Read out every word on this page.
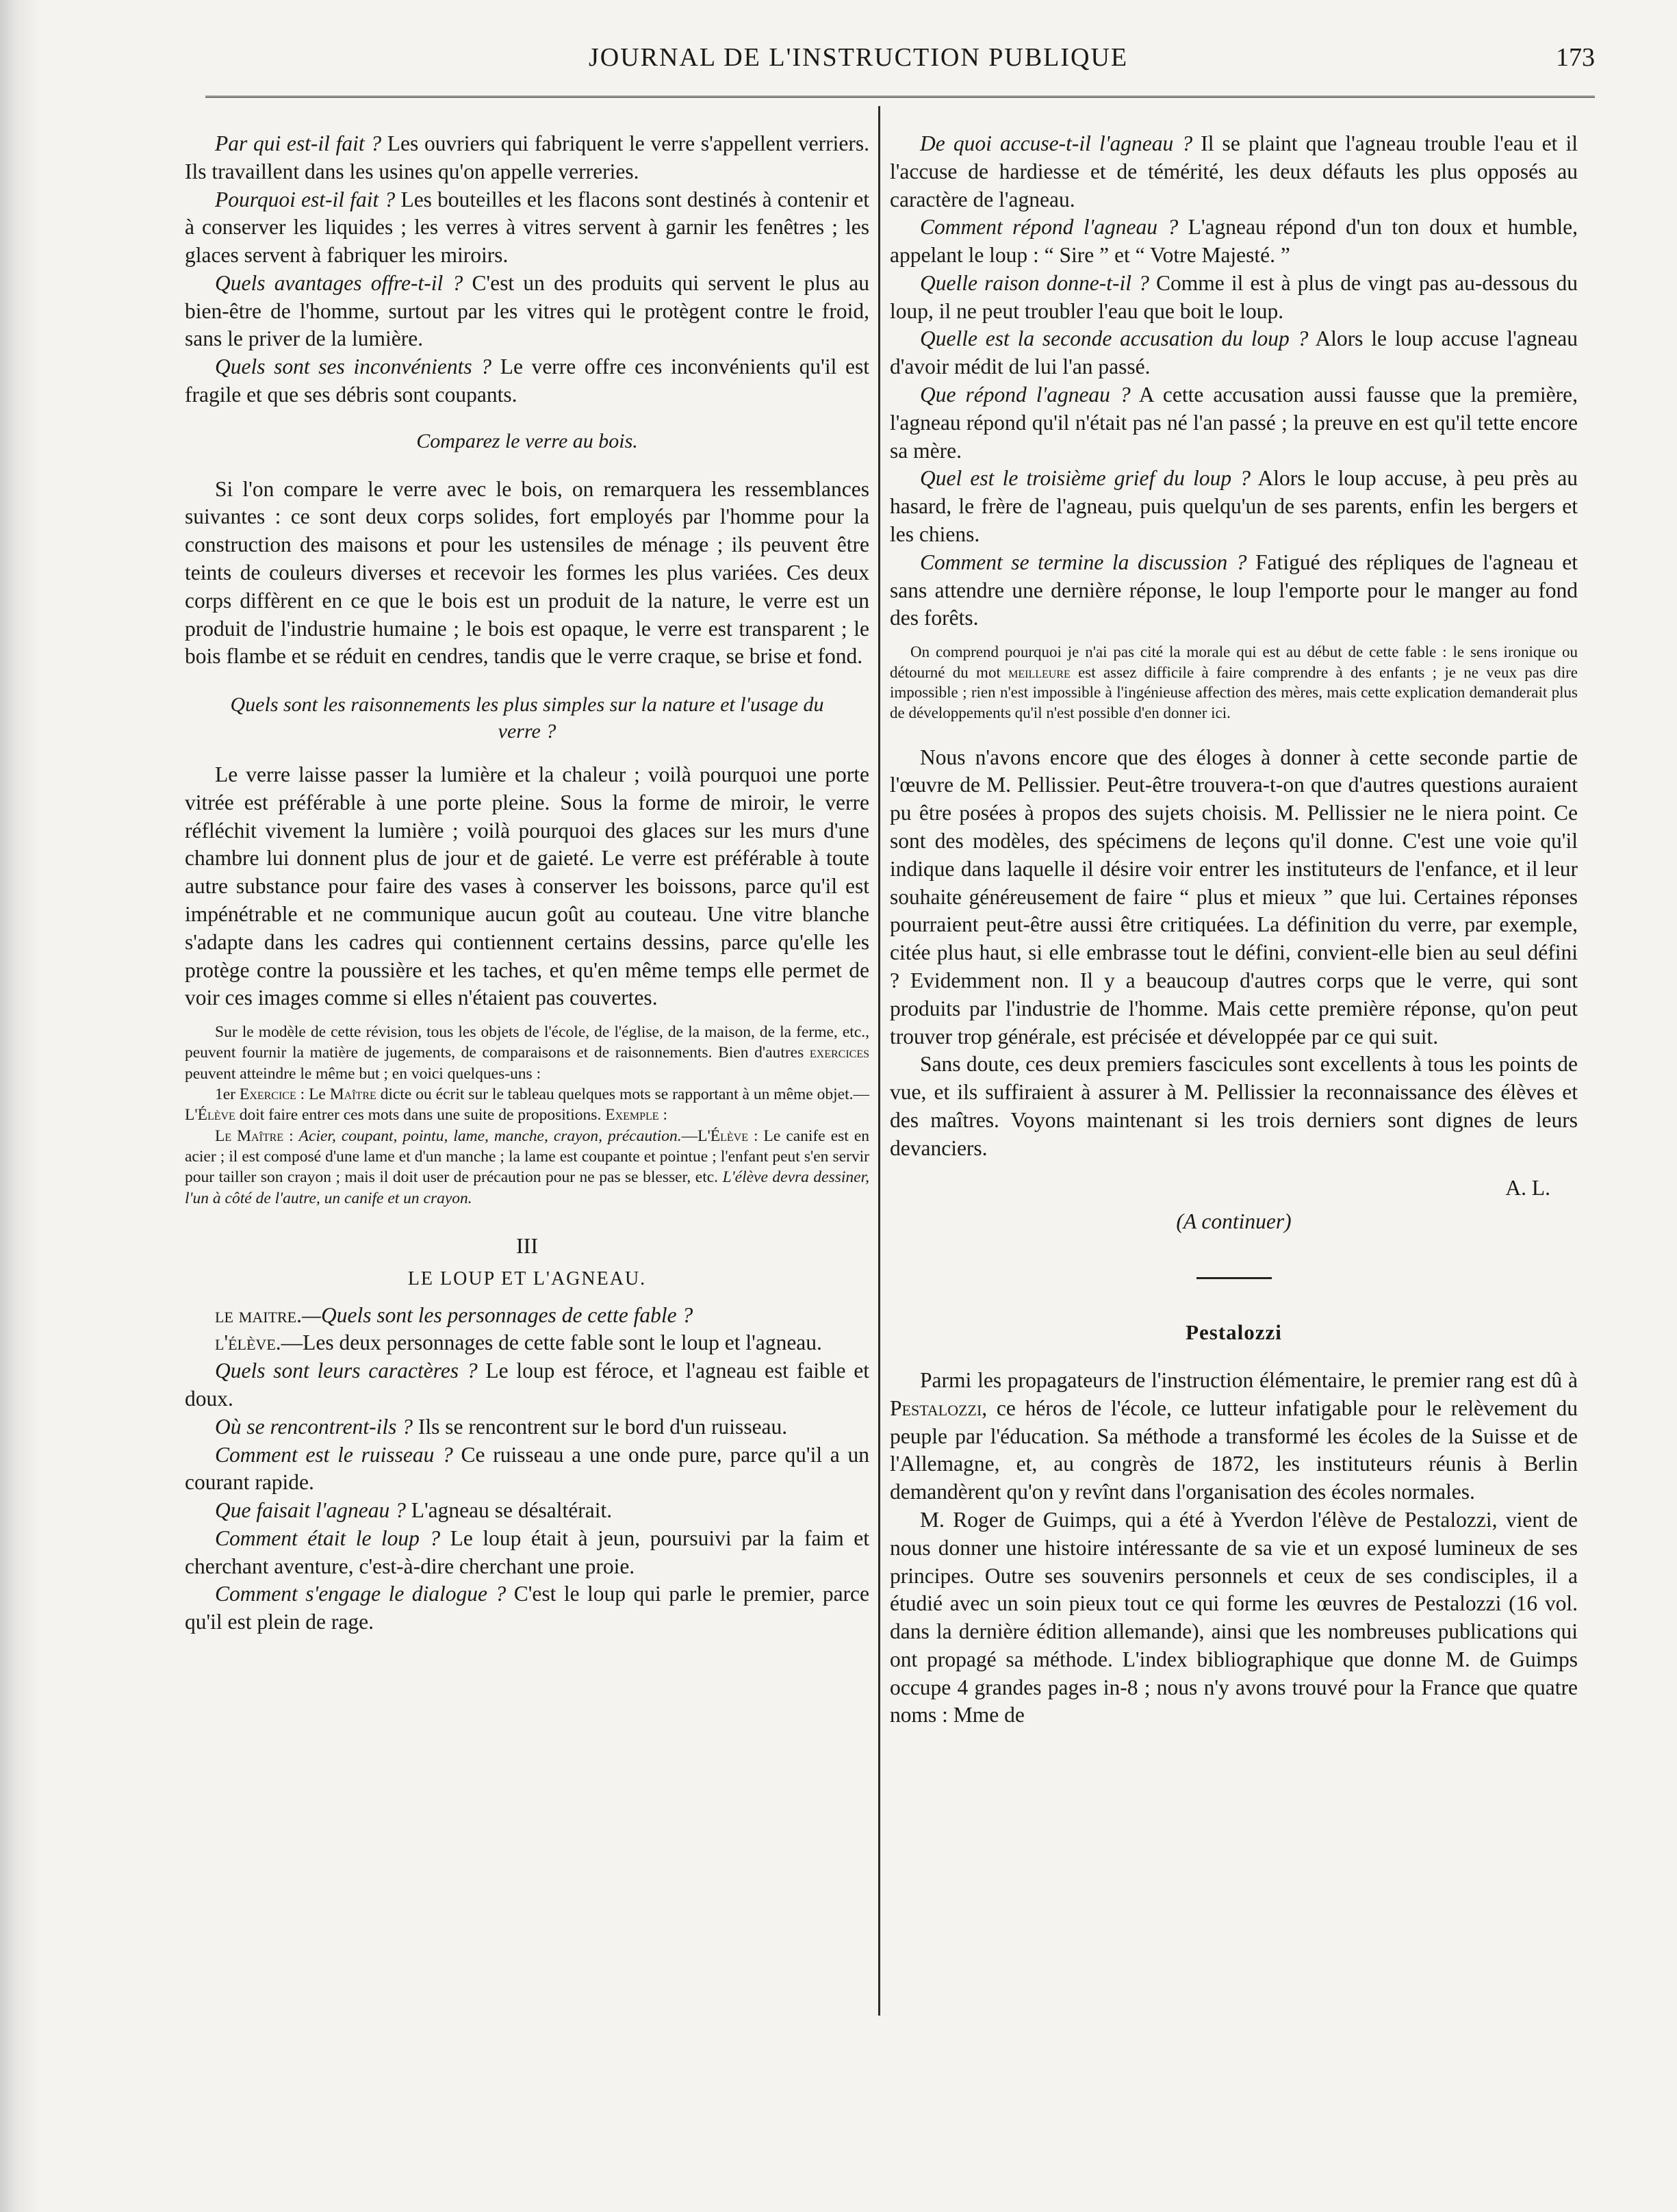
JOURNAL DE L'INSTRUCTION PUBLIQUE	173

Par qui est-il fait ? Les ouvriers qui fabriquent le verre s'appellent verriers. Ils travaillent dans les usines qu'on appelle verreries.

Pourquoi est-il fait ? Les bouteilles et les flacons sont destinés à contenir et à conserver les liquides ; les verres à vitres servent à garnir les fenêtres ; les glaces servent à fabriquer les miroirs.

Quels avantages offre-t-il ? C'est un des produits qui servent le plus au bien-être de l'homme, surtout par les vitres qui le protègent contre le froid, sans le priver de la lumière.

Quels sont ses inconvénients ? Le verre offre ces inconvénients qu'il est fragile et que ses débris sont coupants.

Comparez le verre au bois.

Si l'on compare le verre avec le bois, on remarquera les ressemblances suivantes : ce sont deux corps solides, fort employés par l'homme pour la construction des maisons et pour les ustensiles de ménage ; ils peuvent être teints de couleurs diverses et recevoir les formes les plus variées. Ces deux corps diffèrent en ce que le bois est un produit de la nature, le verre est un produit de l'industrie humaine ; le bois est opaque, le verre est transparent ; le bois flambe et se réduit en cendres, tandis que le verre craque, se brise et fond.

Quels sont les raisonnements les plus simples sur la nature et l'usage du verre ?

Le verre laisse passer la lumière et la chaleur ; voilà pourquoi une porte vitrée est préférable à une porte pleine. Sous la forme de miroir, le verre réfléchit vivement la lumière ; voilà pourquoi des glaces sur les murs d'une chambre lui donnent plus de jour et de gaieté. Le verre est préférable à toute autre substance pour faire des vases à conserver les boissons, parce qu'il est impénétrable et ne communique aucun goût au couteau. Une vitre blanche s'adapte dans les cadres qui contiennent certains dessins, parce qu'elle les protège contre la poussière et les taches, et qu'en même temps elle permet de voir ces images comme si elles n'étaient pas couvertes.

Sur le modèle de cette révision, tous les objets de l'école, de l'église, de la maison, de la ferme, etc., peuvent fournir la matière de jugements, de comparaisons et de raisonnements. Bien d'autres exercices peuvent atteindre le même but ; en voici quelques-uns :

1er Exercice : Le Maître dicte ou écrit sur le tableau quelques mots se rapportant à un même objet.—L'Élève doit faire entrer ces mots dans une suite de propositions. Exemple :

Le Maître : Acier, coupant, pointu, lame, manche, crayon, précaution.—L'Élève : Le canife est en acier ; il est composé d'une lame et d'un manche ; la lame est coupante et pointue ; l'enfant peut s'en servir pour tailler son crayon ; mais il doit user de précaution pour ne pas se blesser, etc. L'élève devra dessiner, l'un à côté de l'autre, un canife et un crayon.

III

LE LOUP ET L'AGNEAU.

le maitre.—Quels sont les personnages de cette fable ?

l'élève.—Les deux personnages de cette fable sont le loup et l'agneau.

Quels sont leurs caractères ? Le loup est féroce, et l'agneau est faible et doux.

Où se rencontrent-ils ? Ils se rencontrent sur le bord d'un ruisseau.

Comment est le ruisseau ? Ce ruisseau a une onde pure, parce qu'il a un courant rapide.

Que faisait l'agneau ? L'agneau se désaltérait.

Comment était le loup ? Le loup était à jeun, poursuivi par la faim et cherchant aventure, c'est-à-dire cherchant une proie.

Comment s'engage le dialogue ? C'est le loup qui parle le premier, parce qu'il est plein de rage.

De quoi accuse-t-il l'agneau ? Il se plaint que l'agneau trouble l'eau et il l'accuse de hardiesse et de témérité, les deux défauts les plus opposés au caractère de l'agneau.

Comment répond l'agneau ? L'agneau répond d'un ton doux et humble, appelant le loup : “ Sire ” et “ Votre Majesté. ”

Quelle raison donne-t-il ? Comme il est à plus de vingt pas au-dessous du loup, il ne peut troubler l'eau que boit le loup.

Quelle est la seconde accusation du loup ? Alors le loup accuse l'agneau d'avoir médit de lui l'an passé.

Que répond l'agneau ? A cette accusation aussi fausse que la première, l'agneau répond qu'il n'était pas né l'an passé ; la preuve en est qu'il tette encore sa mère.

Quel est le troisième grief du loup ? Alors le loup accuse, à peu près au hasard, le frère de l'agneau, puis quelqu'un de ses parents, enfin les bergers et les chiens.

Comment se termine la discussion ? Fatigué des répliques de l'agneau et sans attendre une dernière réponse, le loup l'emporte pour le manger au fond des forêts.

On comprend pourquoi je n'ai pas cité la morale qui est au début de cette fable : le sens ironique ou détourné du mot meilleure est assez difficile à faire comprendre à des enfants ; je ne veux pas dire impossible ; rien n'est impossible à l'ingénieuse affection des mères, mais cette explication demanderait plus de développements qu'il n'est possible d'en donner ici.

Nous n'avons encore que des éloges à donner à cette seconde partie de l'œuvre de M. Pellissier. Peut-être trouvera-t-on que d'autres questions auraient pu être posées à propos des sujets choisis. M. Pellissier ne le niera point. Ce sont des modèles, des spécimens de leçons qu'il donne. C'est une voie qu'il indique dans laquelle il désire voir entrer les instituteurs de l'enfance, et il leur souhaite généreusement de faire “ plus et mieux ” que lui. Certaines réponses pourraient peut-être aussi être critiquées. La définition du verre, par exemple, citée plus haut, si elle embrasse tout le défini, convient-elle bien au seul défini ? Evidemment non. Il y a beaucoup d'autres corps que le verre, qui sont produits par l'industrie de l'homme. Mais cette première réponse, qu'on peut trouver trop générale, est précisée et développée par ce qui suit.

Sans doute, ces deux premiers fascicules sont excellents à tous les points de vue, et ils suffiraient à assurer à M. Pellissier la reconnaissance des élèves et des maîtres. Voyons maintenant si les trois derniers sont dignes de leurs devanciers.

A. L.

(A continuer)

Pestalozzi

Parmi les propagateurs de l'instruction élémentaire, le premier rang est dû à Pestalozzi, ce héros de l'école, ce lutteur infatigable pour le relèvement du peuple par l'éducation. Sa méthode a transformé les écoles de la Suisse et de l'Allemagne, et, au congrès de 1872, les instituteurs réunis à Berlin demandèrent qu'on y revînt dans l'organisation des écoles normales.

M. Roger de Guimps, qui a été à Yverdon l'élève de Pestalozzi, vient de nous donner une histoire intéressante de sa vie et un exposé lumineux de ses principes. Outre ses souvenirs personnels et ceux de ses condisciples, il a étudié avec un soin pieux tout ce qui forme les œuvres de Pestalozzi (16 vol. dans la dernière édition allemande), ainsi que les nombreuses publications qui ont propagé sa méthode. L'index bibliographique que donne M. de Guimps occupe 4 grandes pages in-8 ; nous n'y avons trouvé pour la France que quatre noms : Mme de
